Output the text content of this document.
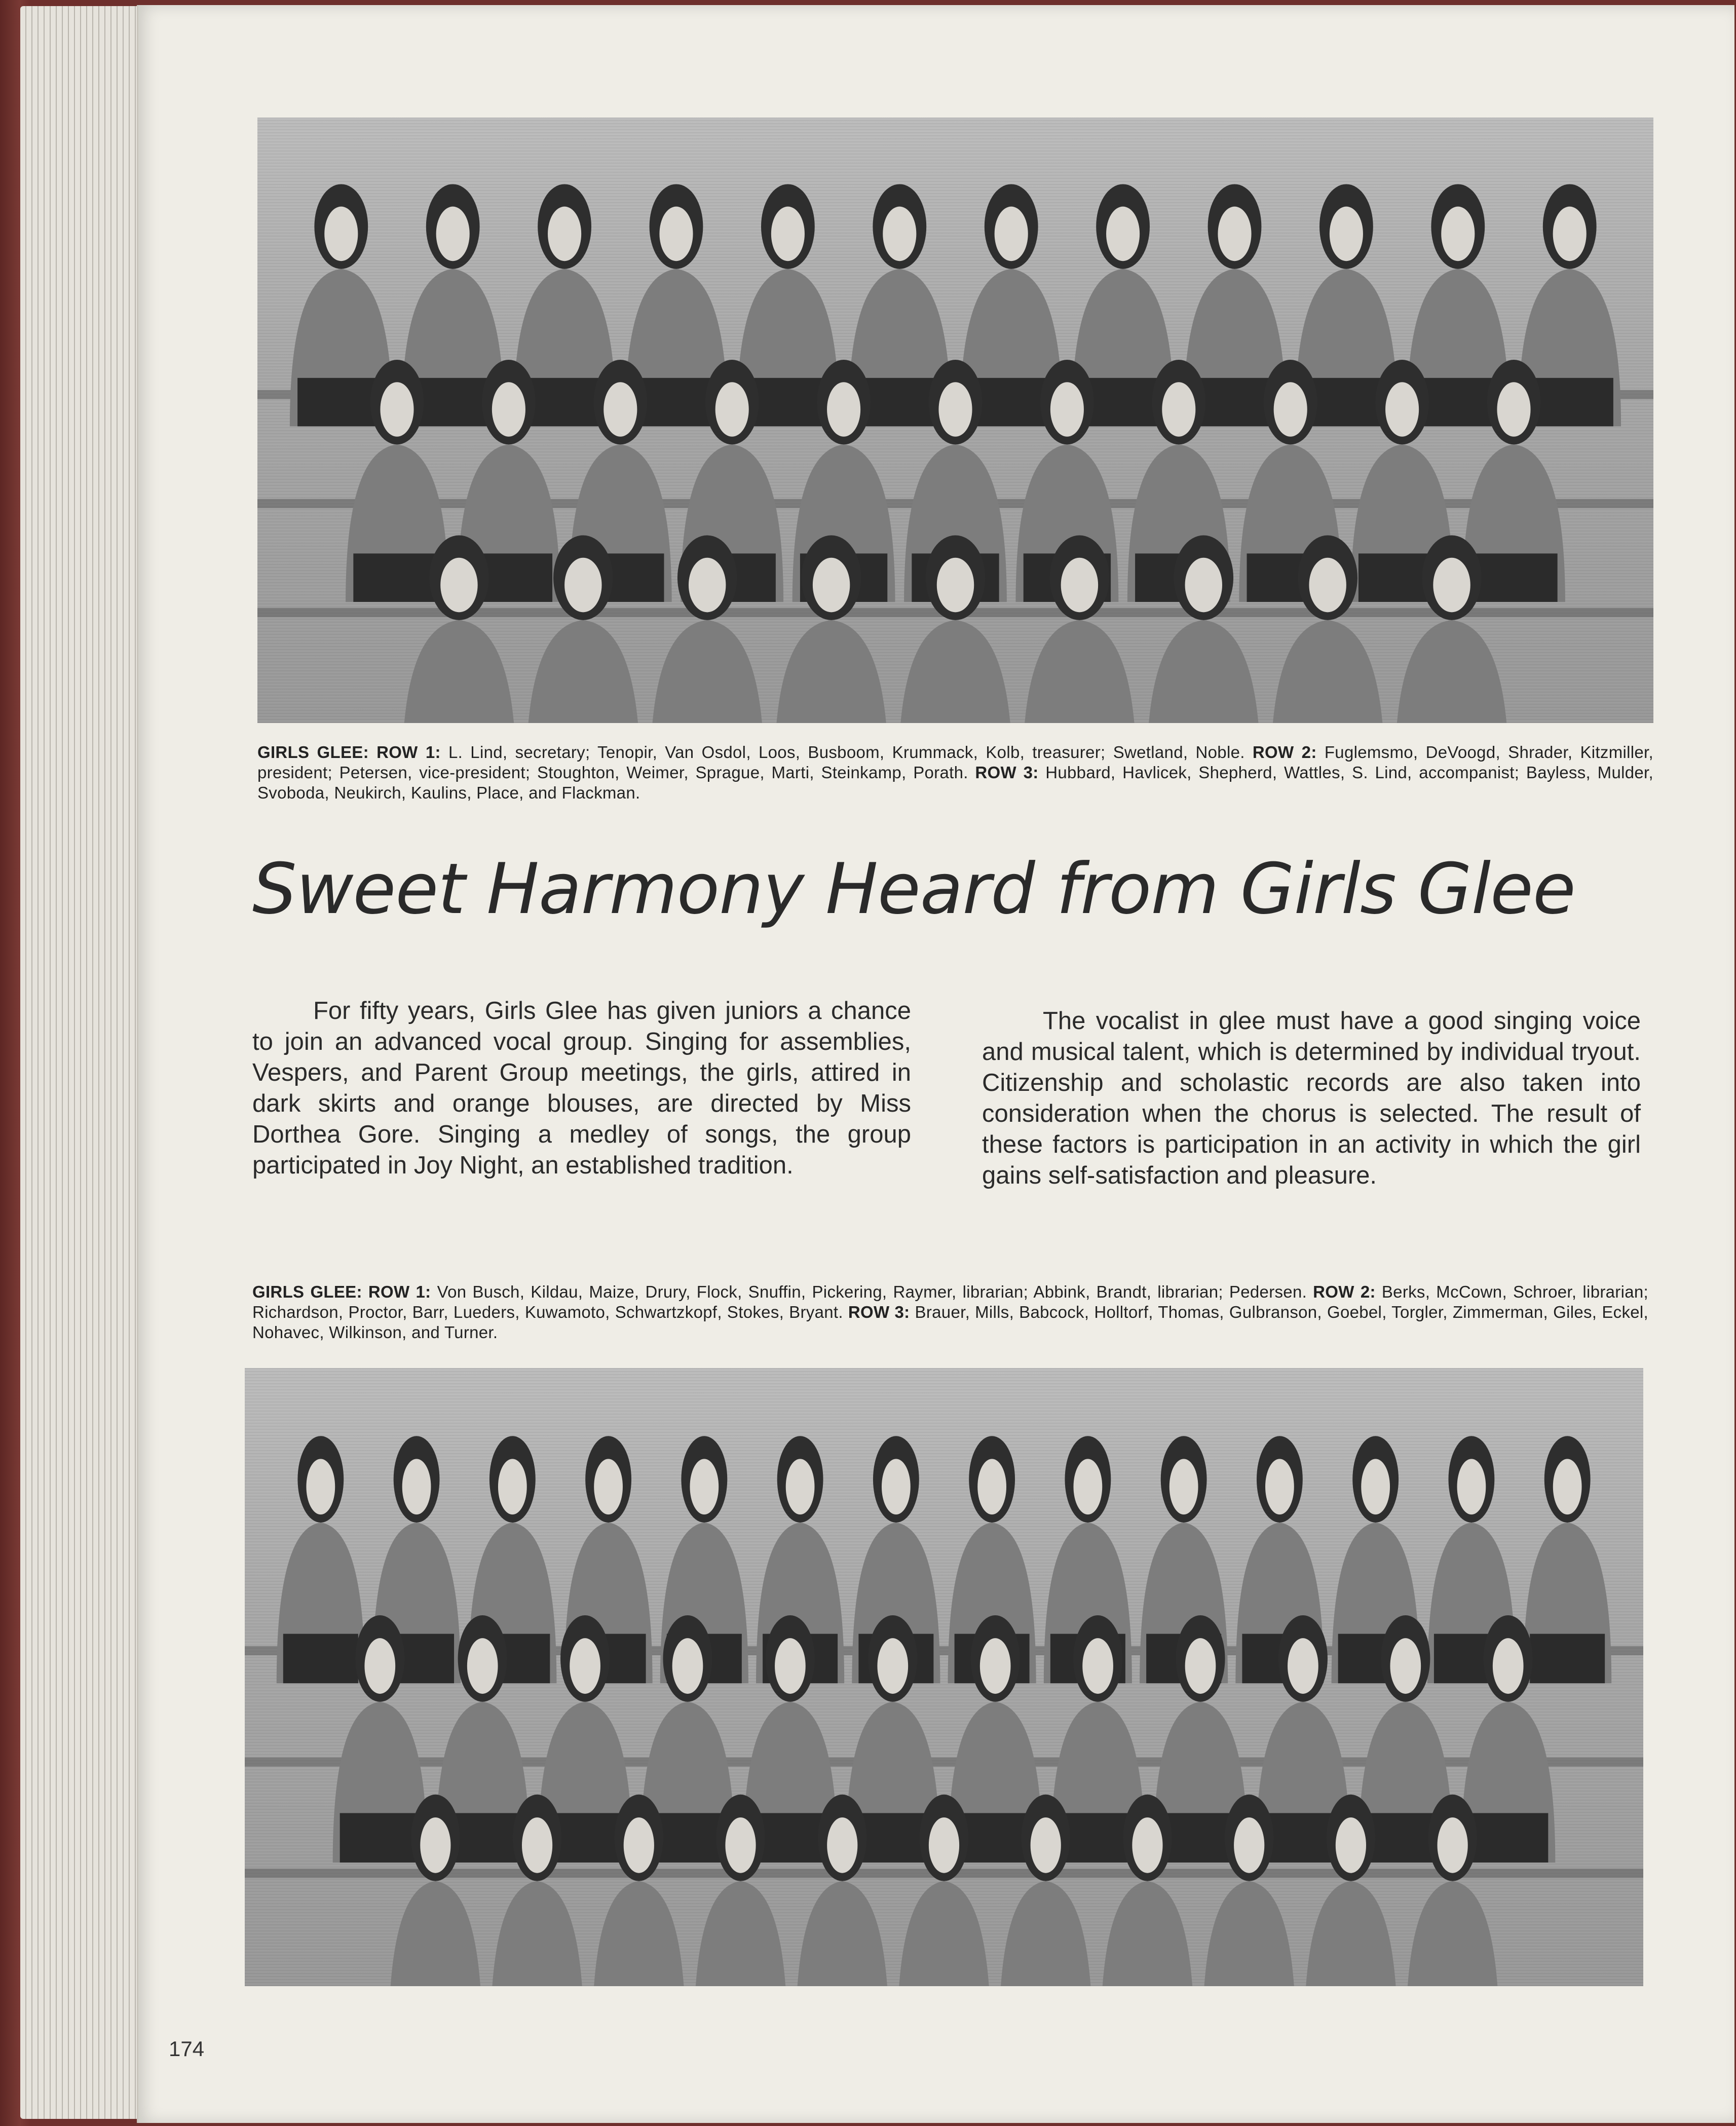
GIRLS GLEE: ROW 1: L. Lind, secretary; Tenopir, Van Osdol, Loos, Busboom, Krummack, Kolb, treasurer; Swetland, Noble. ROW 2: Fuglemsmo, DeVoogd, Shrader, Kitzmiller, president; Petersen, vice-president; Stoughton, Weimer, Sprague, Marti, Steinkamp, Porath. ROW 3: Hubbard, Havlicek, Shepherd, Wattles, S. Lind, accompanist; Bayless, Mulder, Svoboda, Neukirch, Kaulins, Place, and Flackman.
Sweet Harmony Heard from Girls Glee

For fifty years, Girls Glee has given juniors a chance to join an advanced vocal group. Singing for assemblies, Vespers, and Parent Group meetings, the girls, attired in dark skirts and orange blouses, are directed by Miss Dorthea Gore. Singing a medley of songs, the group participated in Joy Night, an established tradition.

The vocalist in glee must have a good singing voice and musical talent, which is determined by individual tryout. Citizenship and scholastic records are also taken into consideration when the chorus is selected. The result of these factors is participation in an activity in which the girl gains self-satisfaction and pleasure.

GIRLS GLEE: ROW 1: Von Busch, Kildau, Maize, Drury, Flock, Snuffin, Pickering, Raymer, librarian; Abbink, Brandt, librarian; Pedersen. ROW 2: Berks, McCown, Schroer, librarian; Richardson, Proctor, Barr, Lueders, Kuwamoto, Schwartzkopf, Stokes, Bryant. ROW 3: Brauer, Mills, Babcock, Holltorf, Thomas, Gulbranson, Goebel, Torgler, Zimmerman, Giles, Eckel, Nohavec, Wilkinson, and Turner.
174
